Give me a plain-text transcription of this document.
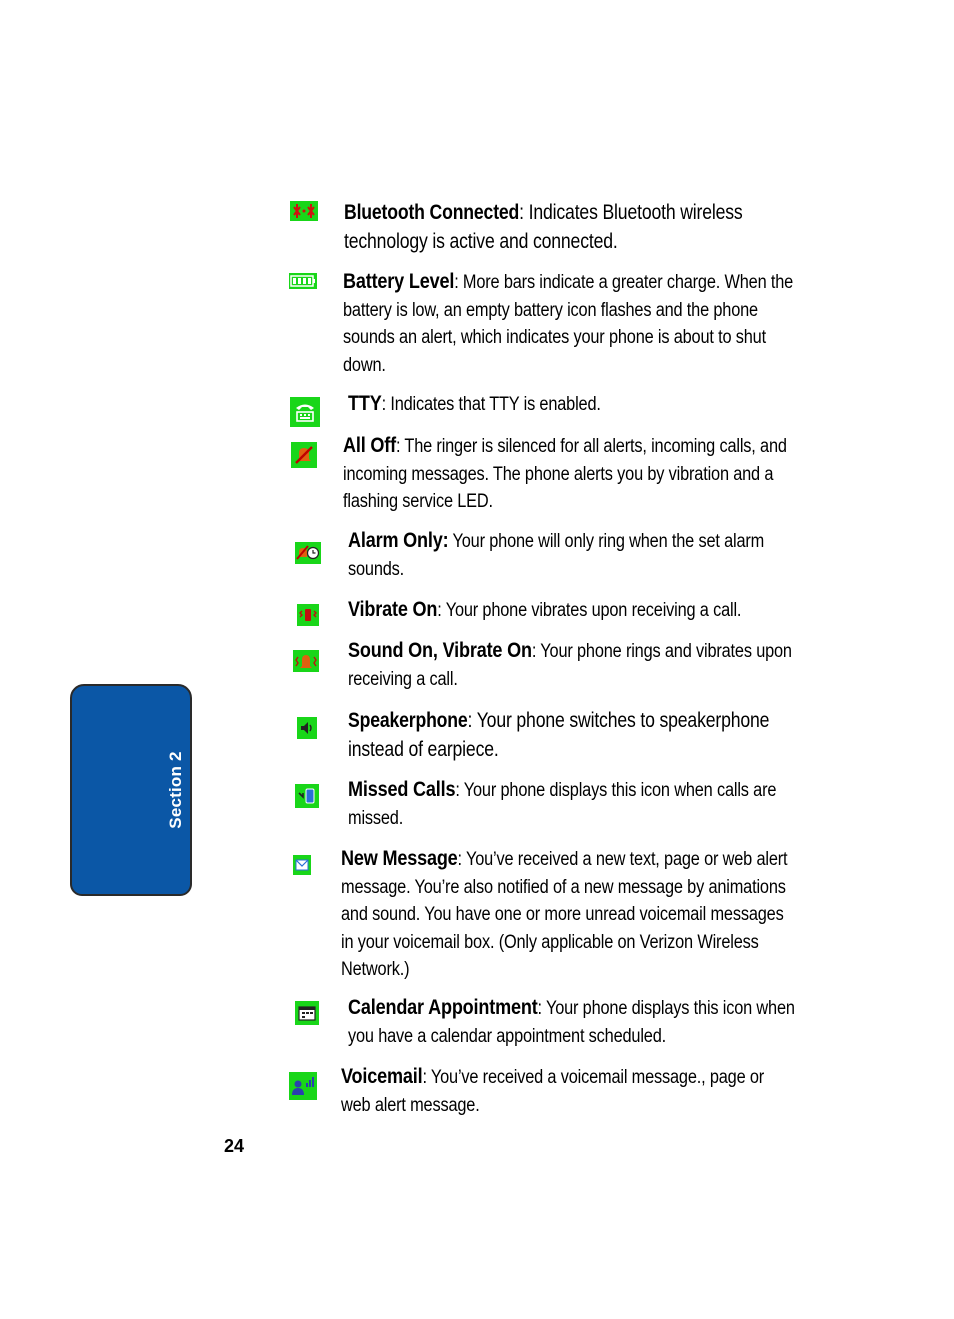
Section 2
Bluetooth Connected: Indicates Bluetooth wireless technology is active and connected.
Battery Level: More bars indicate a greater charge. When the battery is low, an empty battery icon flashes and the phone sounds an alert, which indicates your phone is about to shut down.
TTY: Indicates that TTY is enabled.
All Off: The ringer is silenced for all alerts, incoming calls, and incoming messages. The phone alerts you by vibration and a flashing service LED.
Alarm Only: Your phone will only ring when the set alarm sounds.
Vibrate On: Your phone vibrates upon receiving a call.
Sound On, Vibrate On: Your phone rings and vibrates upon receiving a call.
Speakerphone: Your phone switches to speakerphone instead of earpiece.
Missed Calls: Your phone displays this icon when calls are missed.
New Message: You’ve received a new text, page or web alert message. You’re also notified of a new message by animations and sound. You have one or more unread voicemail messages in your voicemail box. (Only applicable on Verizon Wireless Network.)
Calendar Appointment: Your phone displays this icon when you have a calendar appointment scheduled.
Voicemail: You’ve received a voicemail message., page or web alert message.
24
